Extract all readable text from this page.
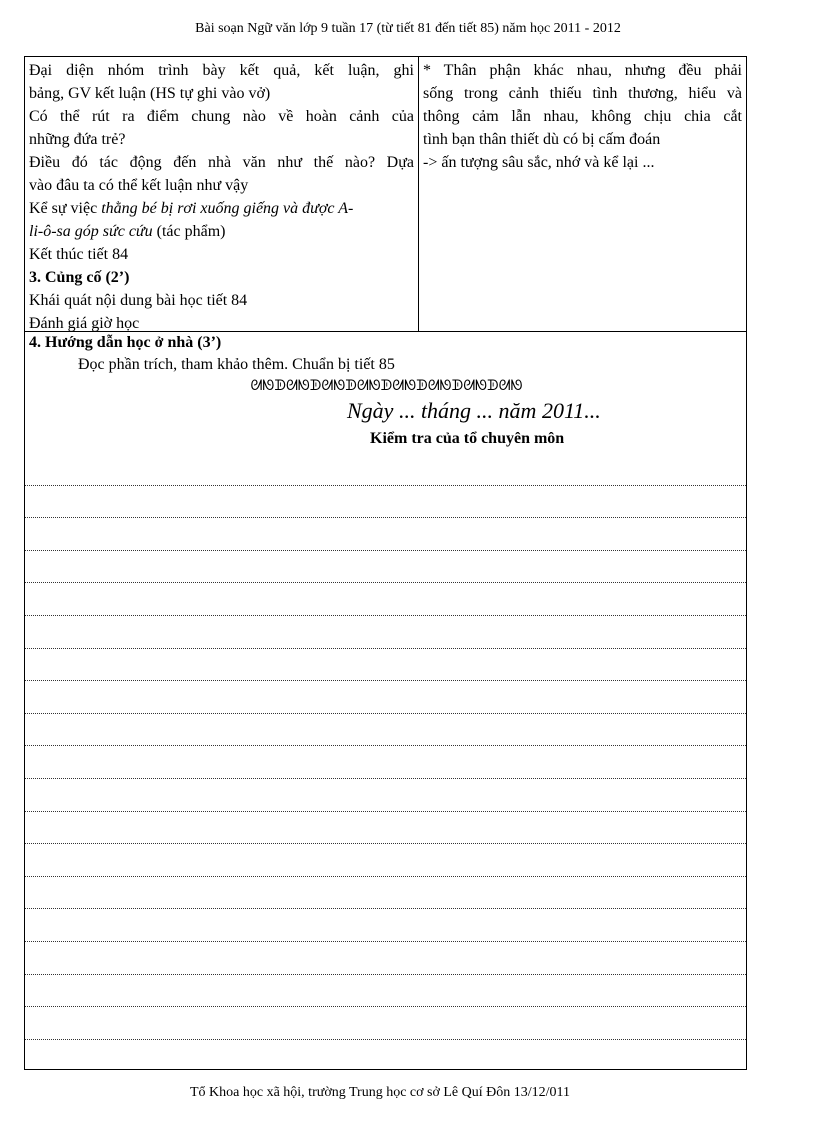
Bài soạn Ngữ văn lớp 9 tuần 17 (từ tiết 81 đến tiết 85) năm học 2011 - 2012
Đại diện nhóm trình bày kết quả, kết luận, ghi
bảng, GV kết luận (HS tự ghi vào vở)
Có thể rút ra điểm chung nào về hoàn cảnh của
những đứa trẻ?
Điều đó tác động đến nhà văn như thế nào? Dựa
vào đâu ta có thể kết luận như vậy
Kể sự việc thằng bé bị rơi xuống giếng và được A-
li-ô-sa góp sức cứu (tác phẩm)
Kết thúc tiết 84
3. Củng cố (2’)
Khái quát nội dung bài học tiết 84
Đánh giá giờ học
* Thân phận khác nhau, nhưng đều phải
sống trong cảnh thiếu tình thương, hiểu và
thông cảm lẫn nhau, không chịu chia cắt
tình bạn thân thiết dù có bị cấm đoán
-> ấn tượng sâu sắc, nhớ và kể lại ...
4. Hướng dẫn học ở nhà (3’)
Đọc phần trích, tham khảo thêm. Chuẩn bị tiết 85
ᘛᘚᗫᘛᘚᗫᘛᘚᗫᘛᘚᗫᘛᘚᗫᘛᘚᗫᘛᘚᗫᘛᘚ
Ngày ... tháng ... năm 2011...
Kiểm tra của tổ chuyên môn
Tổ Khoa học xã hội, trường Trung học cơ sở Lê Quí Đôn 13/12/011
